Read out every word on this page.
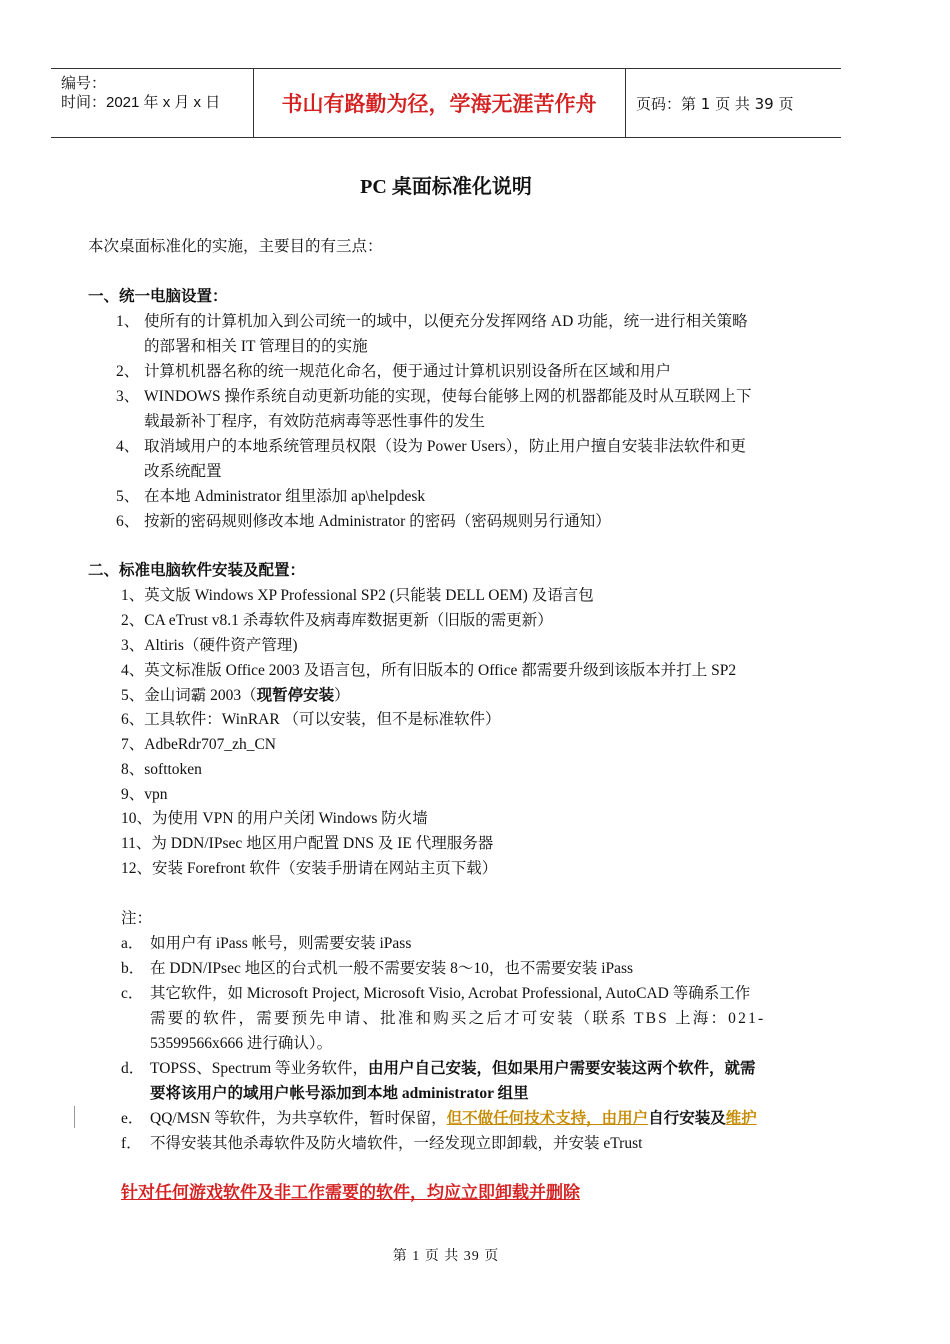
编号：
时间：2021 年 x 月 x 日	书山有路勤为径，学海无涯苦作舟	页码：第 1 页 共 39 页
PC 桌面标准化说明
本次桌面标准化的实施，主要目的有三点：
一、统一电脑设置：
1、 使所有的计算机加入到公司统一的域中，以便充分发挥网络 AD 功能，统一进行相关策略
的部署和相关 IT 管理目的的实施
2、 计算机机器名称的统一规范化命名，便于通过计算机识别设备所在区域和用户
3、 WINDOWS 操作系统自动更新功能的实现，使每台能够上网的机器都能及时从互联网上下
载最新补丁程序，有效防范病毒等恶性事件的发生
4、 取消域用户的本地系统管理员权限（设为 Power Users），防止用户擅自安装非法软件和更
改系统配置
5、 在本地 Administrator 组里添加 ap\helpdesk
6、 按新的密码规则修改本地 Administrator 的密码（密码规则另行通知）
二、标准电脑软件安装及配置：
1、英文版 Windows XP Professional SP2 (只能装 DELL OEM) 及语言包
2、CA eTrust v8.1 杀毒软件及病毒库数据更新（旧版的需更新）
3、Altiris（硬件资产管理)
4、英文标准版 Office 2003 及语言包，所有旧版本的 Office 都需要升级到该版本并打上 SP2
5、金山词霸 2003（现暂停安装）
6、工具软件：WinRAR （可以安装，但不是标准软件）
7、AdbeRdr707_zh_CN
8、softtoken
9、vpn
10、为使用 VPN 的用户关闭 Windows 防火墙
11、为 DDN/IPsec 地区用户配置 DNS 及 IE 代理服务器
12、安装 Forefront 软件（安装手册请在网站主页下载）
注：
a． 如用户有 iPass 帐号，则需要安装 iPass
b． 在 DDN/IPsec 地区的台式机一般不需要安装 8～10，也不需要安装 iPass
c． 其它软件，如 Microsoft Project, Microsoft Visio, Acrobat Professional, AutoCAD 等确系工作
需要的软件，需要预先申请、批准和购买之后才可安装（联系 TBS 上海：021-
53599566x666 进行确认）。
d． TOPSS、Spectrum 等业务软件，由用户自己安装，但如果用户需要安装这两个软件，就需
要将该用户的域用户帐号添加到本地 administrator 组里
e． QQ/MSN 等软件，为共享软件，暂时保留，但不做任何技术支持，由用户自行安装及维护
f． 不得安装其他杀毒软件及防火墙软件，一经发现立即卸载，并安装 eTrust
针对任何游戏软件及非工作需要的软件，均应立即卸载并删除
第 1 页 共 39 页
